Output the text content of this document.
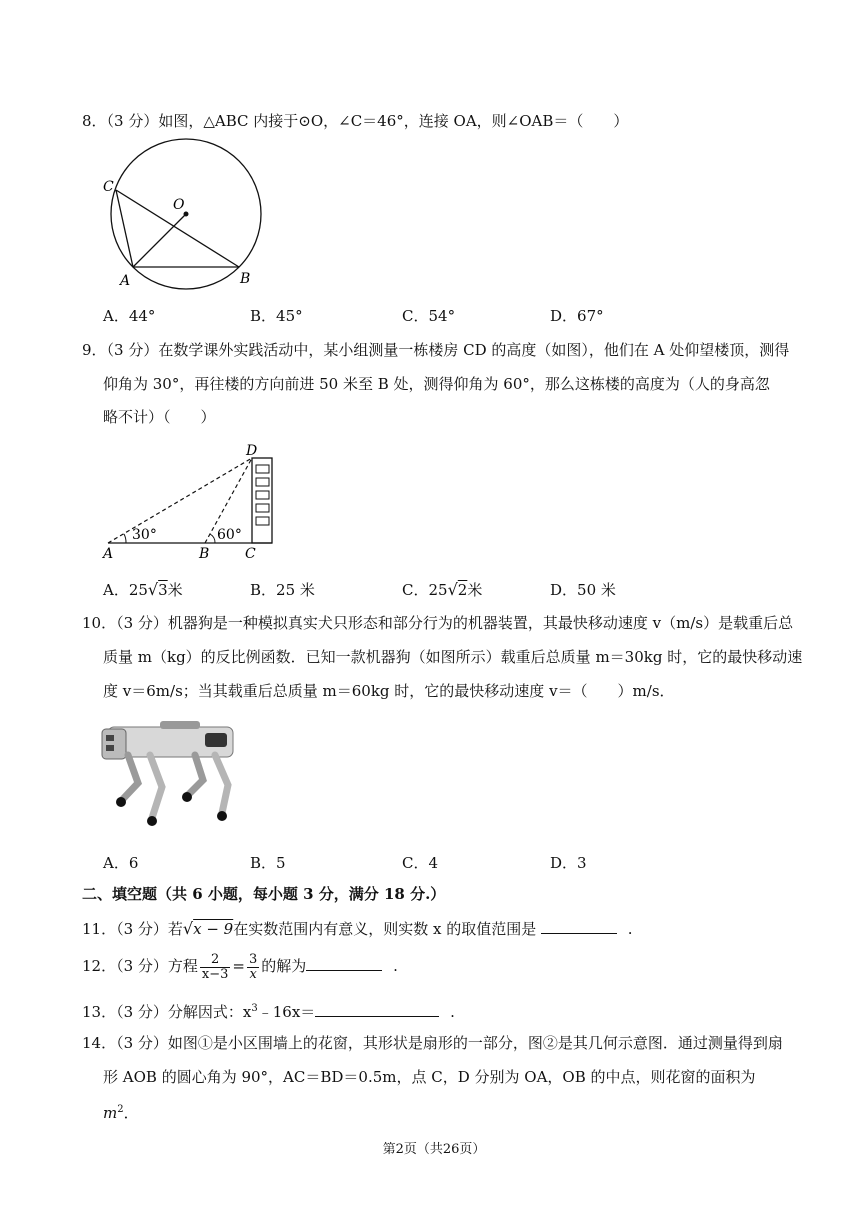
8．（3 分）如图，△ABC 内接于⊙O，∠C＝46°，连接 OA，则∠OAB＝（　　）
C
O
A	B
A．44°	B．45°	C．54°	D．67°
9．（3 分）在数学课外实践活动中，某小组测量一栋楼房 CD 的高度（如图），他们在 A 处仰望楼顶，测得
仰角为 30°，再往楼的方向前进 50 米至 B 处，测得仰角为 60°，那么这栋楼的高度为（人的身高忽
略不计）（　　）
D
A	B	C
30°	60°
A．25√3米	B．25 米	C．25√2米	D．50 米
10．（3 分）机器狗是一种模拟真实犬只形态和部分行为的机器装置，其最快移动速度 v（m/s）是载重后总
质量 m（kg）的反比例函数．已知一款机器狗（如图所示）载重后总质量 m＝30kg 时，它的最快移动速
度 v＝6m/s；当其载重后总质量 m＝60kg 时，它的最快移动速度 v＝（　　）m/s．
A．6	B．5	C．4	D．3
二、填空题（共 6 小题，每小题 3 分，满分 18 分.）
11．（3 分）若√x − 9在实数范围内有意义，则实数 x 的取值范围是	.
12．（3 分）方程 $\frac{2}{x-3} = \frac{3}{x}$ 的解为	.
13．（3 分）分解因式：$x^3﹣16x=$	.
14．（3 分）如图①是小区围墙上的花窗，其形状是扇形的一部分，图②是其几何示意图．通过测量得到扇
形 AOB 的圆心角为 90°，AC＝BD＝0.5m，点 C，D 分别为 OA，OB 的中点，则花窗的面积为
$m^2$．
第2页（共26页）
